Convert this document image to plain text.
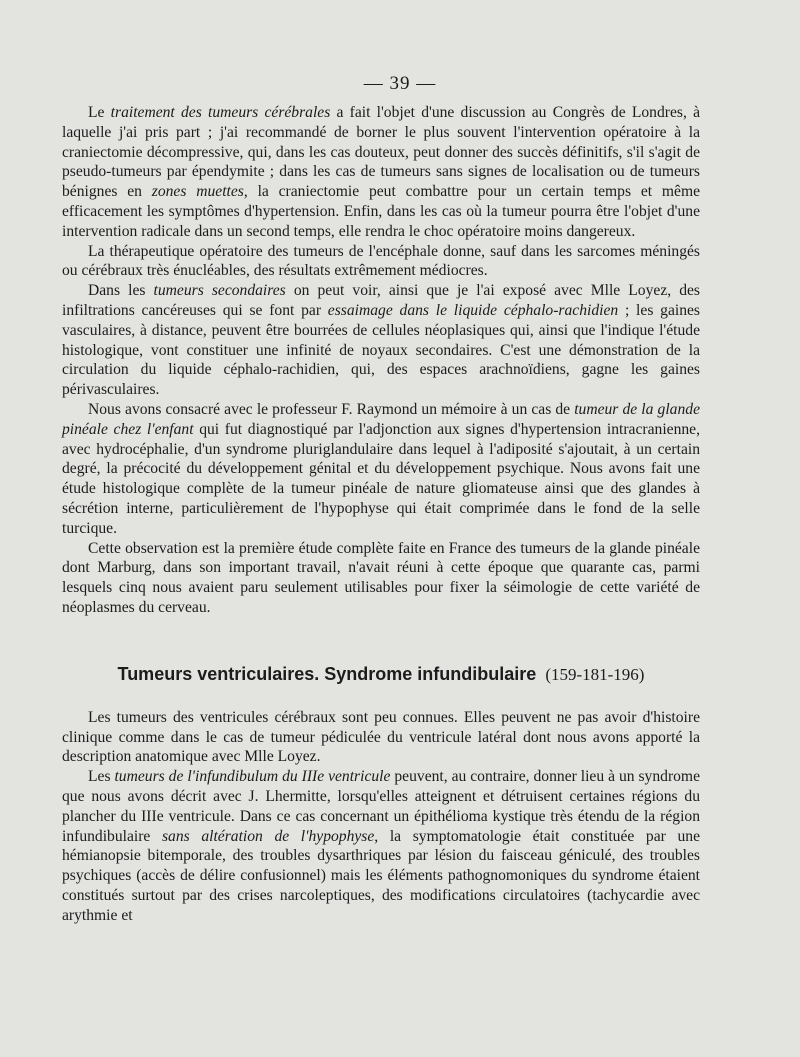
— 39 —

Le traitement des tumeurs cérébrales a fait l'objet d'une discussion au Congrès de Londres, à laquelle j'ai pris part ; j'ai recommandé de borner le plus souvent l'intervention opératoire à la craniectomie décompressive, qui, dans les cas douteux, peut donner des succès définitifs, s'il s'agit de pseudo-tumeurs par épendymite ; dans les cas de tumeurs sans signes de localisation ou de tumeurs bénignes en zones muettes, la craniectomie peut combattre pour un certain temps et même efficacement les symptômes d'hypertension. Enfin, dans les cas où la tumeur pourra être l'objet d'une intervention radicale dans un second temps, elle rendra le choc opératoire moins dangereux.

La thérapeutique opératoire des tumeurs de l'encéphale donne, sauf dans les sarcomes méningés ou cérébraux très énucléables, des résultats extrêmement médiocres.

Dans les tumeurs secondaires on peut voir, ainsi que je l'ai exposé avec Mlle Loyez, des infiltrations cancéreuses qui se font par essaimage dans le liquide céphalo-rachidien ; les gaines vasculaires, à distance, peuvent être bourrées de cellules néoplasiques qui, ainsi que l'indique l'étude histologique, vont constituer une infinité de noyaux secondaires. C'est une démonstration de la circulation du liquide céphalo-rachidien, qui, des espaces arachnoïdiens, gagne les gaines périvasculaires.

Nous avons consacré avec le professeur F. Raymond un mémoire à un cas de tumeur de la glande pinéale chez l'enfant qui fut diagnostiqué par l'adjonction aux signes d'hypertension intracranienne, avec hydrocéphalie, d'un syndrome pluriglandulaire dans lequel à l'adiposité s'ajoutait, à un certain degré, la précocité du développement génital et du développement psychique. Nous avons fait une étude histologique complète de la tumeur pinéale de nature gliomateuse ainsi que des glandes à sécrétion interne, particulièrement de l'hypophyse qui était comprimée dans le fond de la selle turcique.

Cette observation est la première étude complète faite en France des tumeurs de la glande pinéale dont Marburg, dans son important travail, n'avait réuni à cette époque que quarante cas, parmi lesquels cinq nous avaient paru seulement utilisables pour fixer la séimologie de cette variété de néoplasmes du cerveau.

Tumeurs ventriculaires. Syndrome infundibulaire (159-181-196)

Les tumeurs des ventricules cérébraux sont peu connues. Elles peuvent ne pas avoir d'histoire clinique comme dans le cas de tumeur pédiculée du ventricule latéral dont nous avons apporté la description anatomique avec Mlle Loyez.

Les tumeurs de l'infundibulum du IIIe ventricule peuvent, au contraire, donner lieu à un syndrome que nous avons décrit avec J. Lhermitte, lorsqu'elles atteignent et détruisent certaines régions du plancher du IIIe ventricule. Dans ce cas concernant un épithélioma kystique très étendu de la région infundibulaire sans altération de l'hypophyse, la symptomatologie était constituée par une hémianopsie bitemporale, des troubles dysarthriques par lésion du faisceau géniculé, des troubles psychiques (accès de délire confusionnel) mais les éléments pathognomoniques du syndrome étaient constitués surtout par des crises narcoleptiques, des modifications circulatoires (tachycardie avec arythmie et
